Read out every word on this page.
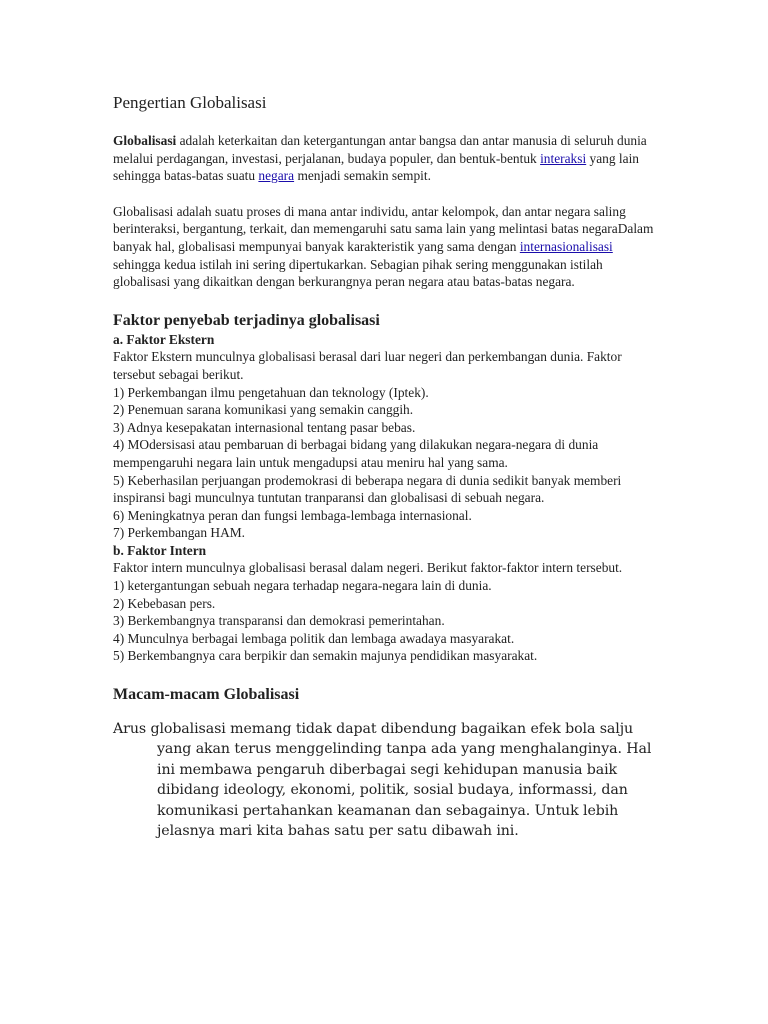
Pengertian Globalisasi

Globalisasi adalah keterkaitan dan ketergantungan antar bangsa dan antar manusia di seluruh dunia melalui perdagangan, investasi, perjalanan, budaya populer, dan bentuk-bentuk interaksi yang lain sehingga batas-batas suatu negara menjadi semakin sempit.

Globalisasi adalah suatu proses di mana antar individu, antar kelompok, dan antar negara saling berinteraksi, bergantung, terkait, dan memengaruhi satu sama lain yang melintasi batas negaraDalam banyak hal, globalisasi mempunyai banyak karakteristik yang sama dengan internasionalisasi sehingga kedua istilah ini sering dipertukarkan. Sebagian pihak sering menggunakan istilah globalisasi yang dikaitkan dengan berkurangnya peran negara atau batas-batas negara.

Faktor penyebab terjadinya globalisasi

a. Faktor Ekstern

Faktor Ekstern munculnya globalisasi berasal dari luar negeri dan perkembangan dunia. Faktor tersebut sebagai berikut.

1) Perkembangan ilmu pengetahuan dan teknology (Iptek).

2) Penemuan sarana komunikasi yang semakin canggih.

3) Adnya kesepakatan internasional tentang pasar bebas.

4) MOdersisasi atau pembaruan di berbagai bidang yang dilakukan negara-negara di dunia mempengaruhi negara lain untuk mengadupsi atau meniru hal yang sama.

5) Keberhasilan perjuangan prodemokrasi di beberapa negara di dunia sedikit banyak memberi inspiransi bagi munculnya tuntutan tranparansi dan globalisasi di sebuah negara.

6) Meningkatnya peran dan fungsi lembaga-lembaga internasional.

7) Perkembangan HAM.

b. Faktor Intern

Faktor intern munculnya globalisasi berasal dalam negeri. Berikut faktor-faktor intern tersebut.

1) ketergantungan sebuah negara terhadap negara-negara lain di dunia.

2) Kebebasan pers.

3) Berkembangnya transparansi dan demokrasi pemerintahan.

4) Munculnya berbagai lembaga politik dan lembaga awadaya masyarakat.

5) Berkembangnya cara berpikir dan semakin majunya pendidikan masyarakat.

Macam-macam Globalisasi

Arus globalisasi memang tidak dapat dibendung bagaikan efek bola salju yang akan terus menggelinding tanpa ada yang menghalanginya. Hal ini membawa pengaruh diberbagai segi kehidupan manusia baik dibidang ideology, ekonomi, politik, sosial budaya, informassi, dan komunikasi pertahankan keamanan dan sebagainya. Untuk lebih jelasnya mari kita bahas satu per satu dibawah ini.
